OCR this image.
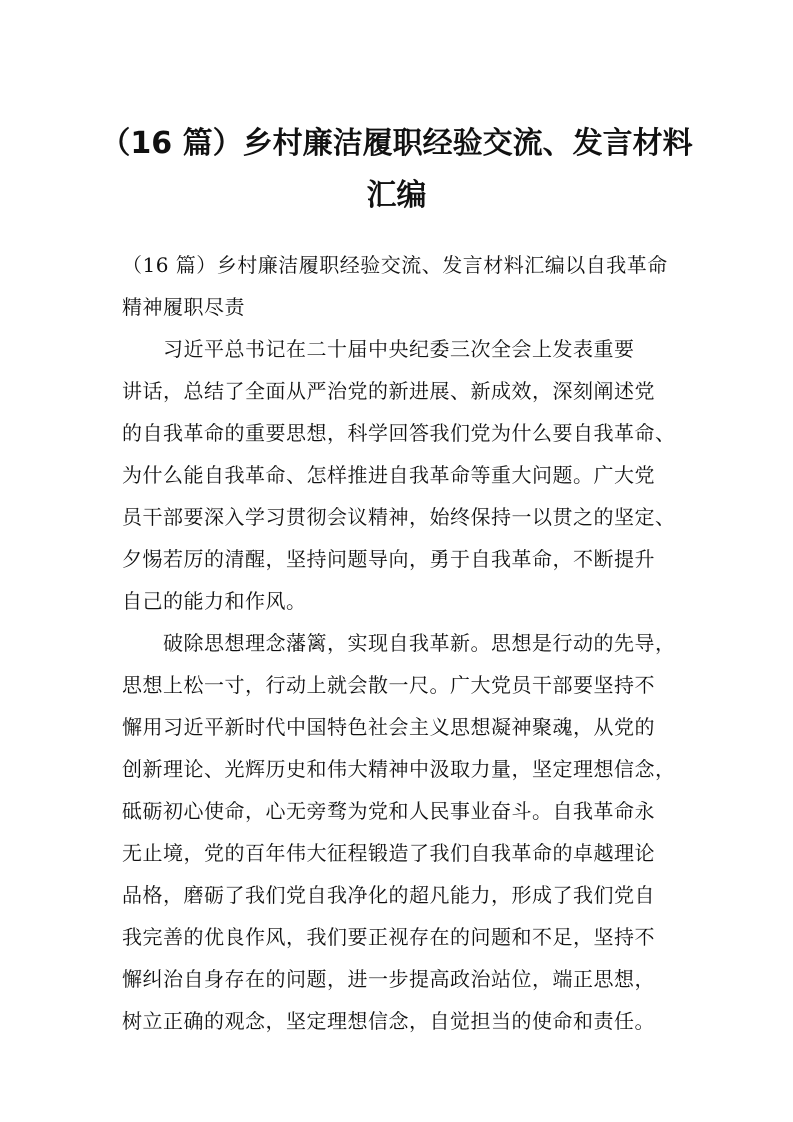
（16 篇）乡村廉洁履职经验交流、发言材料
汇编

（16 篇）乡村廉洁履职经验交流、发言材料汇编以自我革命

精神履职尽责

　　习近平总书记在二十届中央纪委三次全会上发表重要

讲话，总结了全面从严治党的新进展、新成效，深刻阐述党

的自我革命的重要思想，科学回答我们党为什么要自我革命、

为什么能自我革命、怎样推进自我革命等重大问题。广大党

员干部要深入学习贯彻会议精神，始终保持一以贯之的坚定、

夕惕若厉的清醒，坚持问题导向，勇于自我革命，不断提升

自己的能力和作风。

　　破除思想理念藩篱，实现自我革新。思想是行动的先导，

思想上松一寸，行动上就会散一尺。广大党员干部要坚持不

懈用习近平新时代中国特色社会主义思想凝神聚魂，从党的

创新理论、光辉历史和伟大精神中汲取力量，坚定理想信念，

砥砺初心使命，心无旁骛为党和人民事业奋斗。自我革命永

无止境，党的百年伟大征程锻造了我们自我革命的卓越理论

品格，磨砺了我们党自我净化的超凡能力，形成了我们党自

我完善的优良作风，我们要正视存在的问题和不足，坚持不

懈纠治自身存在的问题，进一步提高政治站位，端正思想，

树立正确的观念，坚定理想信念，自觉担当的使命和责任。
